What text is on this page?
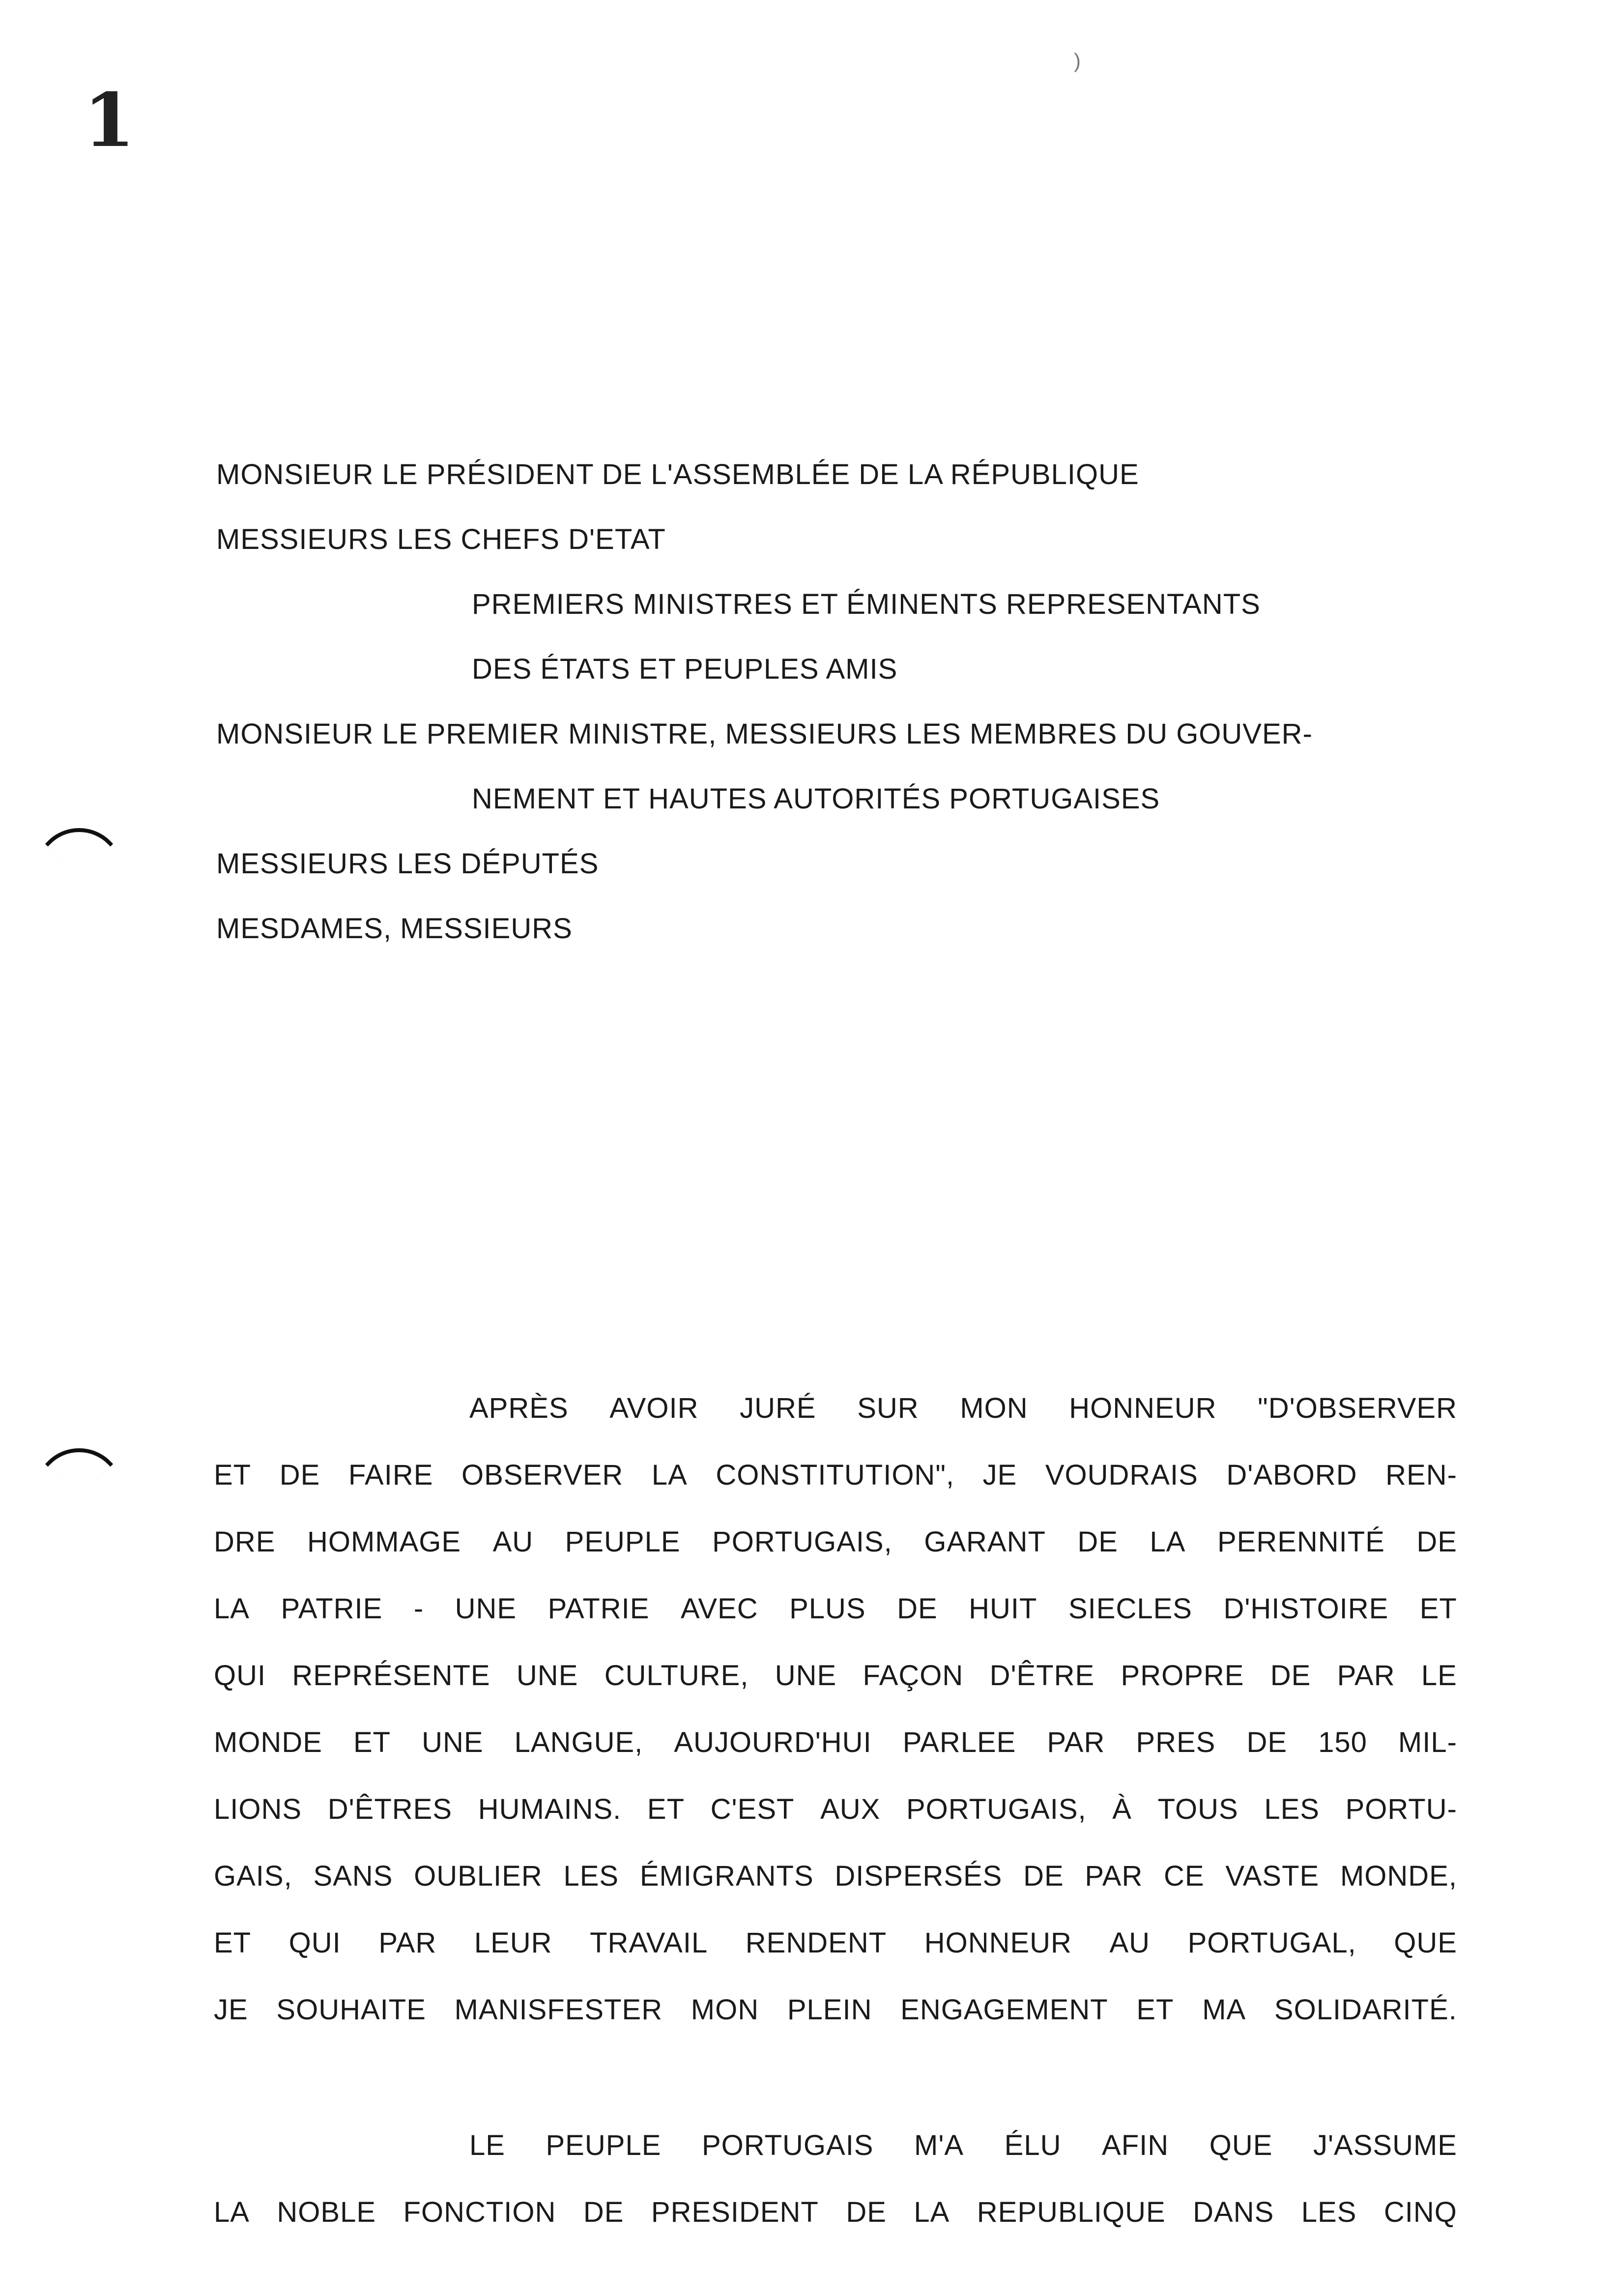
1
)
MONSIEUR LE PRÉSIDENT DE L'ASSEMBLÉE DE LA RÉPUBLIQUE
MESSIEURS LES CHEFS D'ETAT
PREMIERS MINISTRES ET ÉMINENTS REPRESENTANTS
DES ÉTATS ET PEUPLES AMIS
MONSIEUR LE PREMIER MINISTRE, MESSIEURS LES MEMBRES DU GOUVER-
NEMENT ET HAUTES AUTORITÉS PORTUGAISES
MESSIEURS LES DÉPUTÉS
MESDAMES, MESSIEURS
APRÈS AVOIR JURÉ SUR MON HONNEUR "D'OBSERVER
ET DE FAIRE OBSERVER LA CONSTITUTION", JE VOUDRAIS D'ABORD REN-
DRE HOMMAGE AU PEUPLE PORTUGAIS, GARANT DE LA PERENNITÉ DE
LA PATRIE - UNE PATRIE AVEC PLUS DE HUIT SIECLES D'HISTOIRE ET
QUI REPRÉSENTE UNE CULTURE, UNE FAÇON D'ÊTRE PROPRE DE PAR LE
MONDE ET UNE LANGUE, AUJOURD'HUI PARLEE PAR PRES DE 150 MIL-
LIONS D'ÊTRES HUMAINS. ET C'EST AUX PORTUGAIS, À TOUS LES PORTU-
GAIS, SANS OUBLIER LES ÉMIGRANTS DISPERSÉS DE PAR CE VASTE MONDE,
ET QUI PAR LEUR TRAVAIL RENDENT HONNEUR AU PORTUGAL, QUE
JE SOUHAITE MANISFESTER MON PLEIN ENGAGEMENT ET MA SOLIDARITÉ.
LE PEUPLE PORTUGAIS M'A ÉLU AFIN QUE J'ASSUME
LA NOBLE FONCTION DE PRESIDENT DE LA REPUBLIQUE DANS LES CINQ
